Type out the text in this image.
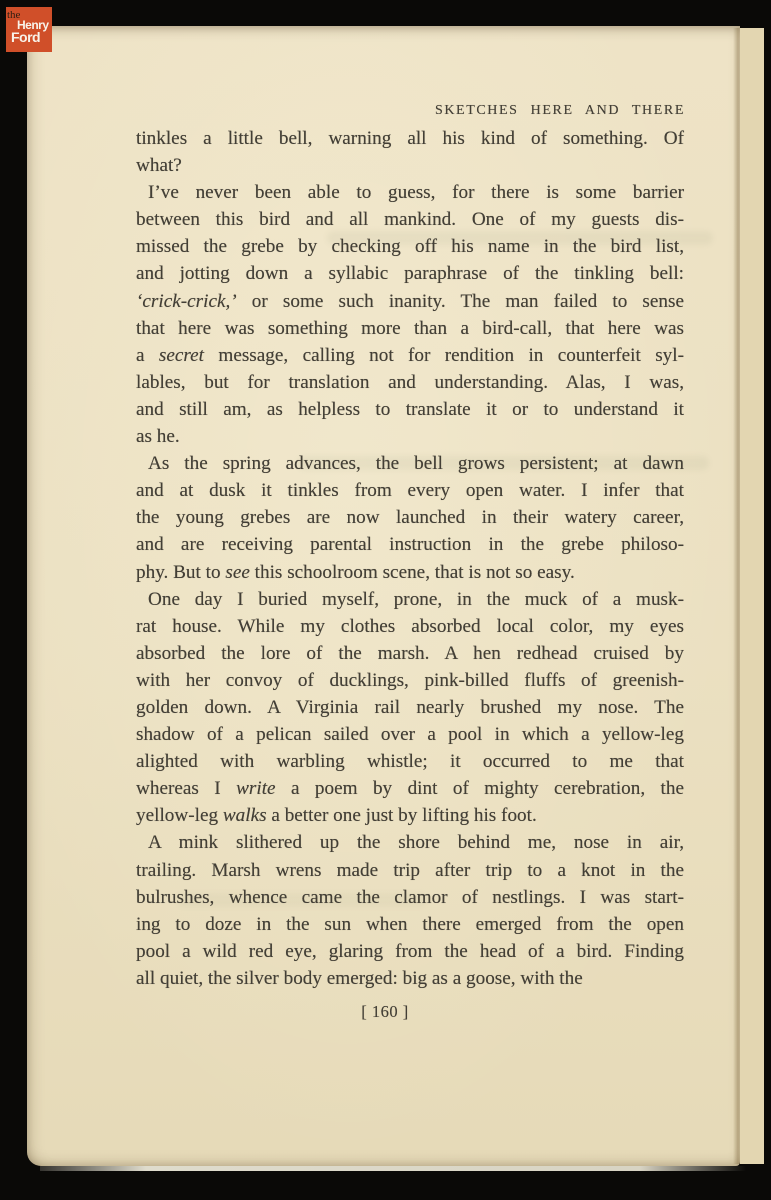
SKETCHES HERE AND THERE
tinkles a little bell, warning all his kind of something. Of
what?
I’ve never been able to guess, for there is some barrier
between this bird and all mankind. One of my guests dis-
missed the grebe by checking off his name in the bird list,
and jotting down a syllabic paraphrase of the tinkling bell:
‘crick-crick,’ or some such inanity. The man failed to sense
that here was something more than a bird-call, that here was
a secret message, calling not for rendition in counterfeit syl-
lables, but for translation and understanding. Alas, I was,
and still am, as helpless to translate it or to understand it
as he.
As the spring advances, the bell grows persistent; at dawn
and at dusk it tinkles from every open water. I infer that
the young grebes are now launched in their watery career,
and are receiving parental instruction in the grebe philoso-
phy. But to see this schoolroom scene, that is not so easy.
One day I buried myself, prone, in the muck of a musk-
rat house. While my clothes absorbed local color, my eyes
absorbed the lore of the marsh. A hen redhead cruised by
with her convoy of ducklings, pink-billed fluffs of greenish-
golden down. A Virginia rail nearly brushed my nose. The
shadow of a pelican sailed over a pool in which a yellow-leg
alighted with warbling whistle; it occurred to me that
whereas I write a poem by dint of mighty cerebration, the
yellow-leg walks a better one just by lifting his foot.
A mink slithered up the shore behind me, nose in air,
trailing. Marsh wrens made trip after trip to a knot in the
bulrushes, whence came the clamor of nestlings. I was start-
ing to doze in the sun when there emerged from the open
pool a wild red eye, glaring from the head of a bird. Finding
all quiet, the silver body emerged: big as a goose, with the
[ 160 ]
the
Henry
Ford
